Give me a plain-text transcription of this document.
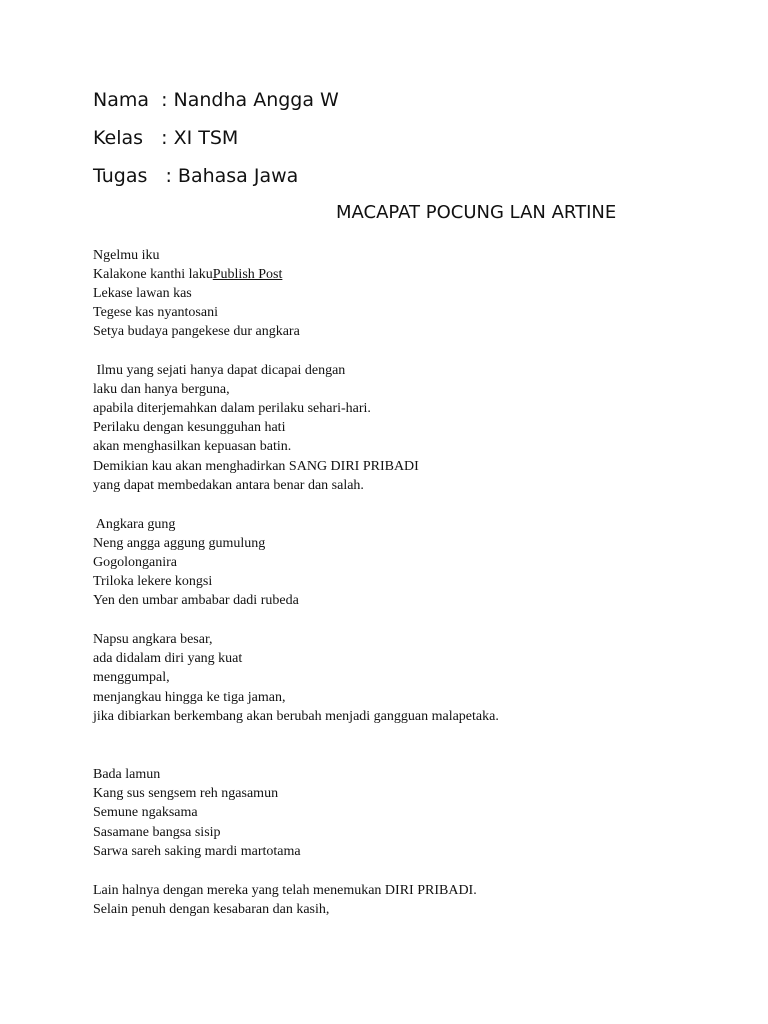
Nama  : Nandha Angga W
Kelas   : XI TSM
Tugas   : Bahasa Jawa
MACAPAT POCUNG LAN ARTINE
Ngelmu iku
Kalakone kanthi lakuPublish Post
Lekase lawan kas
Tegese kas nyantosani
Setya budaya pangekese dur angkara
Ilmu yang sejati hanya dapat dicapai dengan
laku dan hanya berguna,
apabila diterjemahkan dalam perilaku sehari-hari.
Perilaku dengan kesungguhan hati
akan menghasilkan kepuasan batin.
Demikian kau akan menghadirkan SANG DIRI PRIBADI
yang dapat membedakan antara benar dan salah.
Angkara gung
Neng angga aggung gumulung
Gogolonganira
Triloka lekere kongsi
Yen den umbar ambabar dadi rubeda
Napsu angkara besar,
ada didalam diri yang kuat
menggumpal,
menjangkau hingga ke tiga jaman,
jika dibiarkan berkembang akan berubah menjadi gangguan malapetaka.
Bada lamun
Kang sus sengsem reh ngasamun
Semune ngaksama
Sasamane bangsa sisip
Sarwa sareh saking mardi martotama
Lain halnya dengan mereka yang telah menemukan DIRI PRIBADI.
Selain penuh dengan kesabaran dan kasih,
